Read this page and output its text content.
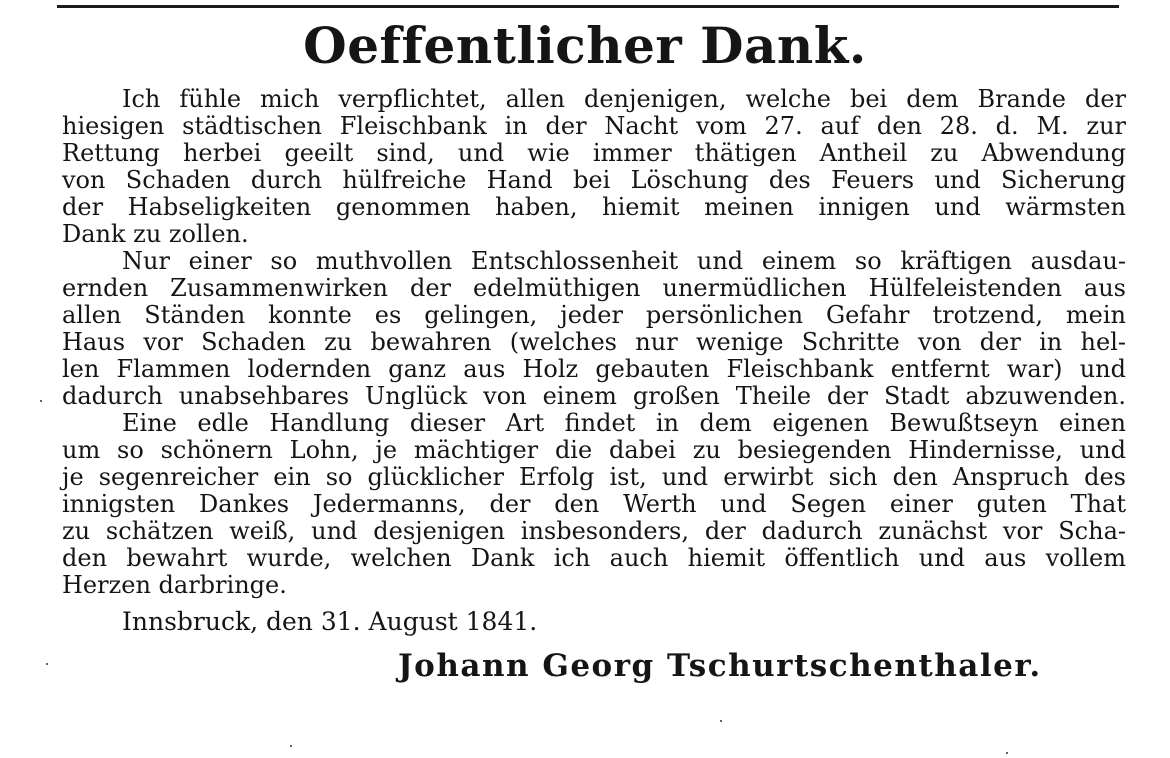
Oeffentlicher Dank.

Ich fühle mich verpflichtet, allen denjenigen, welche bei dem Brande der
hiesigen städtischen Fleischbank in der Nacht vom 27. auf den 28. d. M. zur
Rettung herbei geeilt sind, und wie immer thätigen Antheil zu Abwendung
von Schaden durch hülfreiche Hand bei Löschung des Feuers und Sicherung
der Habseligkeiten genommen haben, hiemit meinen innigen und wärmsten
Dank zu zollen.

Nur einer so muthvollen Entschlossenheit und einem so kräftigen ausdau-
ernden Zusammenwirken der edelmüthigen unermüdlichen Hülfeleistenden aus
allen Ständen konnte es gelingen, jeder persönlichen Gefahr trotzend, mein
Haus vor Schaden zu bewahren (welches nur wenige Schritte von der in hel-
len Flammen lodernden ganz aus Holz gebauten Fleischbank entfernt war) und
dadurch unabsehbares Unglück von einem großen Theile der Stadt abzuwenden.

Eine edle Handlung dieser Art findet in dem eigenen Bewußtseyn einen
um so schönern Lohn, je mächtiger die dabei zu besiegenden Hindernisse, und
je segenreicher ein so glücklicher Erfolg ist, und erwirbt sich den Anspruch des
innigsten Dankes Jedermanns, der den Werth und Segen einer guten That
zu schätzen weiß, und desjenigen insbesonders, der dadurch zunächst vor Scha-
den bewahrt wurde, welchen Dank ich auch hiemit öffentlich und aus vollem
Herzen darbringe.

Innsbruck, den 31. August 1841.

Johann Georg Tschurtschenthaler.
